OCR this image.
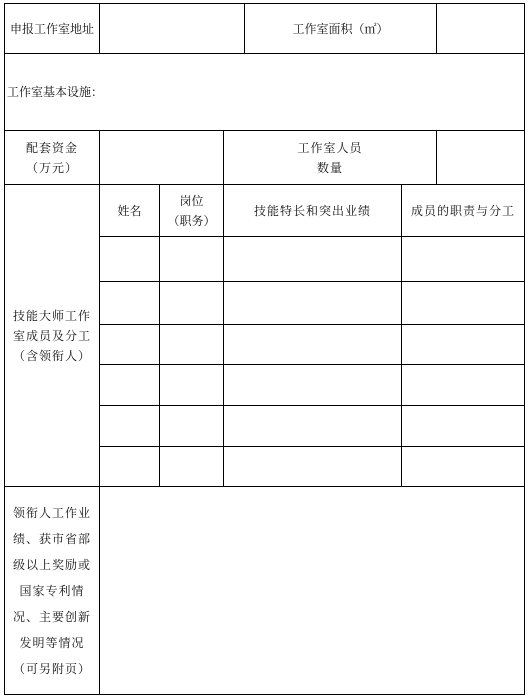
申报工作室地址	工作室面积（㎡）
工作室基本设施：
配套资金
（万元）
工作室人员
数量
技能大师工作
室成员及分工
（含领衔人）
姓名
岗位
（职务）
技能特长和突出业绩	成员的职责与分工
领衔人工作业
绩、获市省部
级以上奖励或
国家专利情
况、主要创新
发明等情况
（可另附页）
